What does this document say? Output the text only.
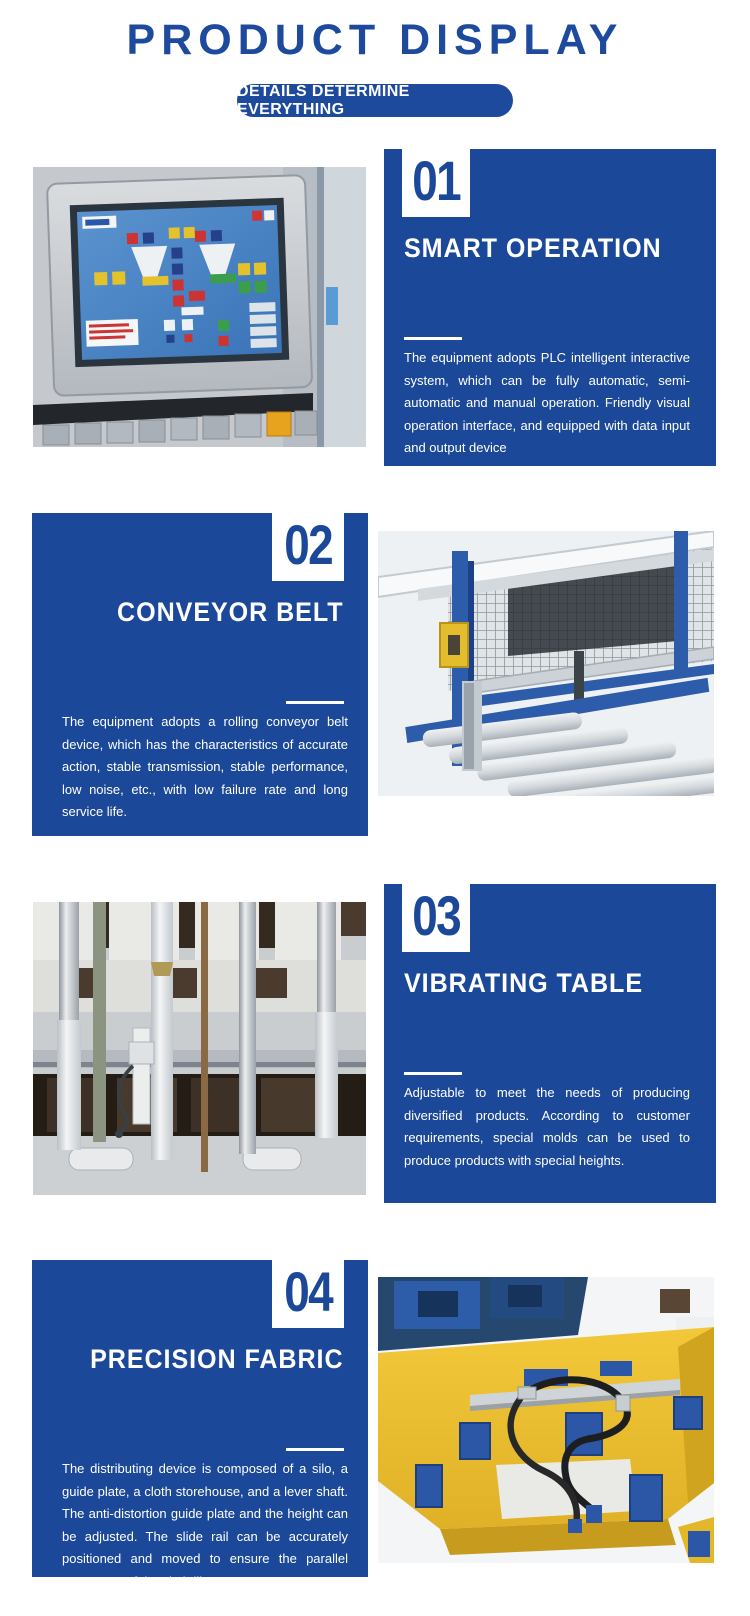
PRODUCT DISPLAY
DETAILS DETERMINE EVERYTHING
01
SMART OPERATION
The equipment adopts PLC intelligent interactive system, which can be fully automatic, semi-automatic and manual operation. Friendly visual operation interface, and equipped with data input and output device
02
CONVEYOR BELT
The equipment adopts a rolling conveyor belt device, which has the characteristics of accurate action, stable transmission, stable performance, low noise, etc., with low failure rate and long service life.
03
VIBRATING TABLE
Adjustable to meet the needs of producing diversified products. According to customer requirements, special molds can be used to produce products with special heights.
04
PRECISION FABRIC
The distributing device is composed of a silo, a guide plate, a cloth storehouse, and a lever shaft. The anti-distortion guide plate and the height can be adjusted. The slide rail can be accurately positioned and moved to ensure the parallel movement of the cloth library
